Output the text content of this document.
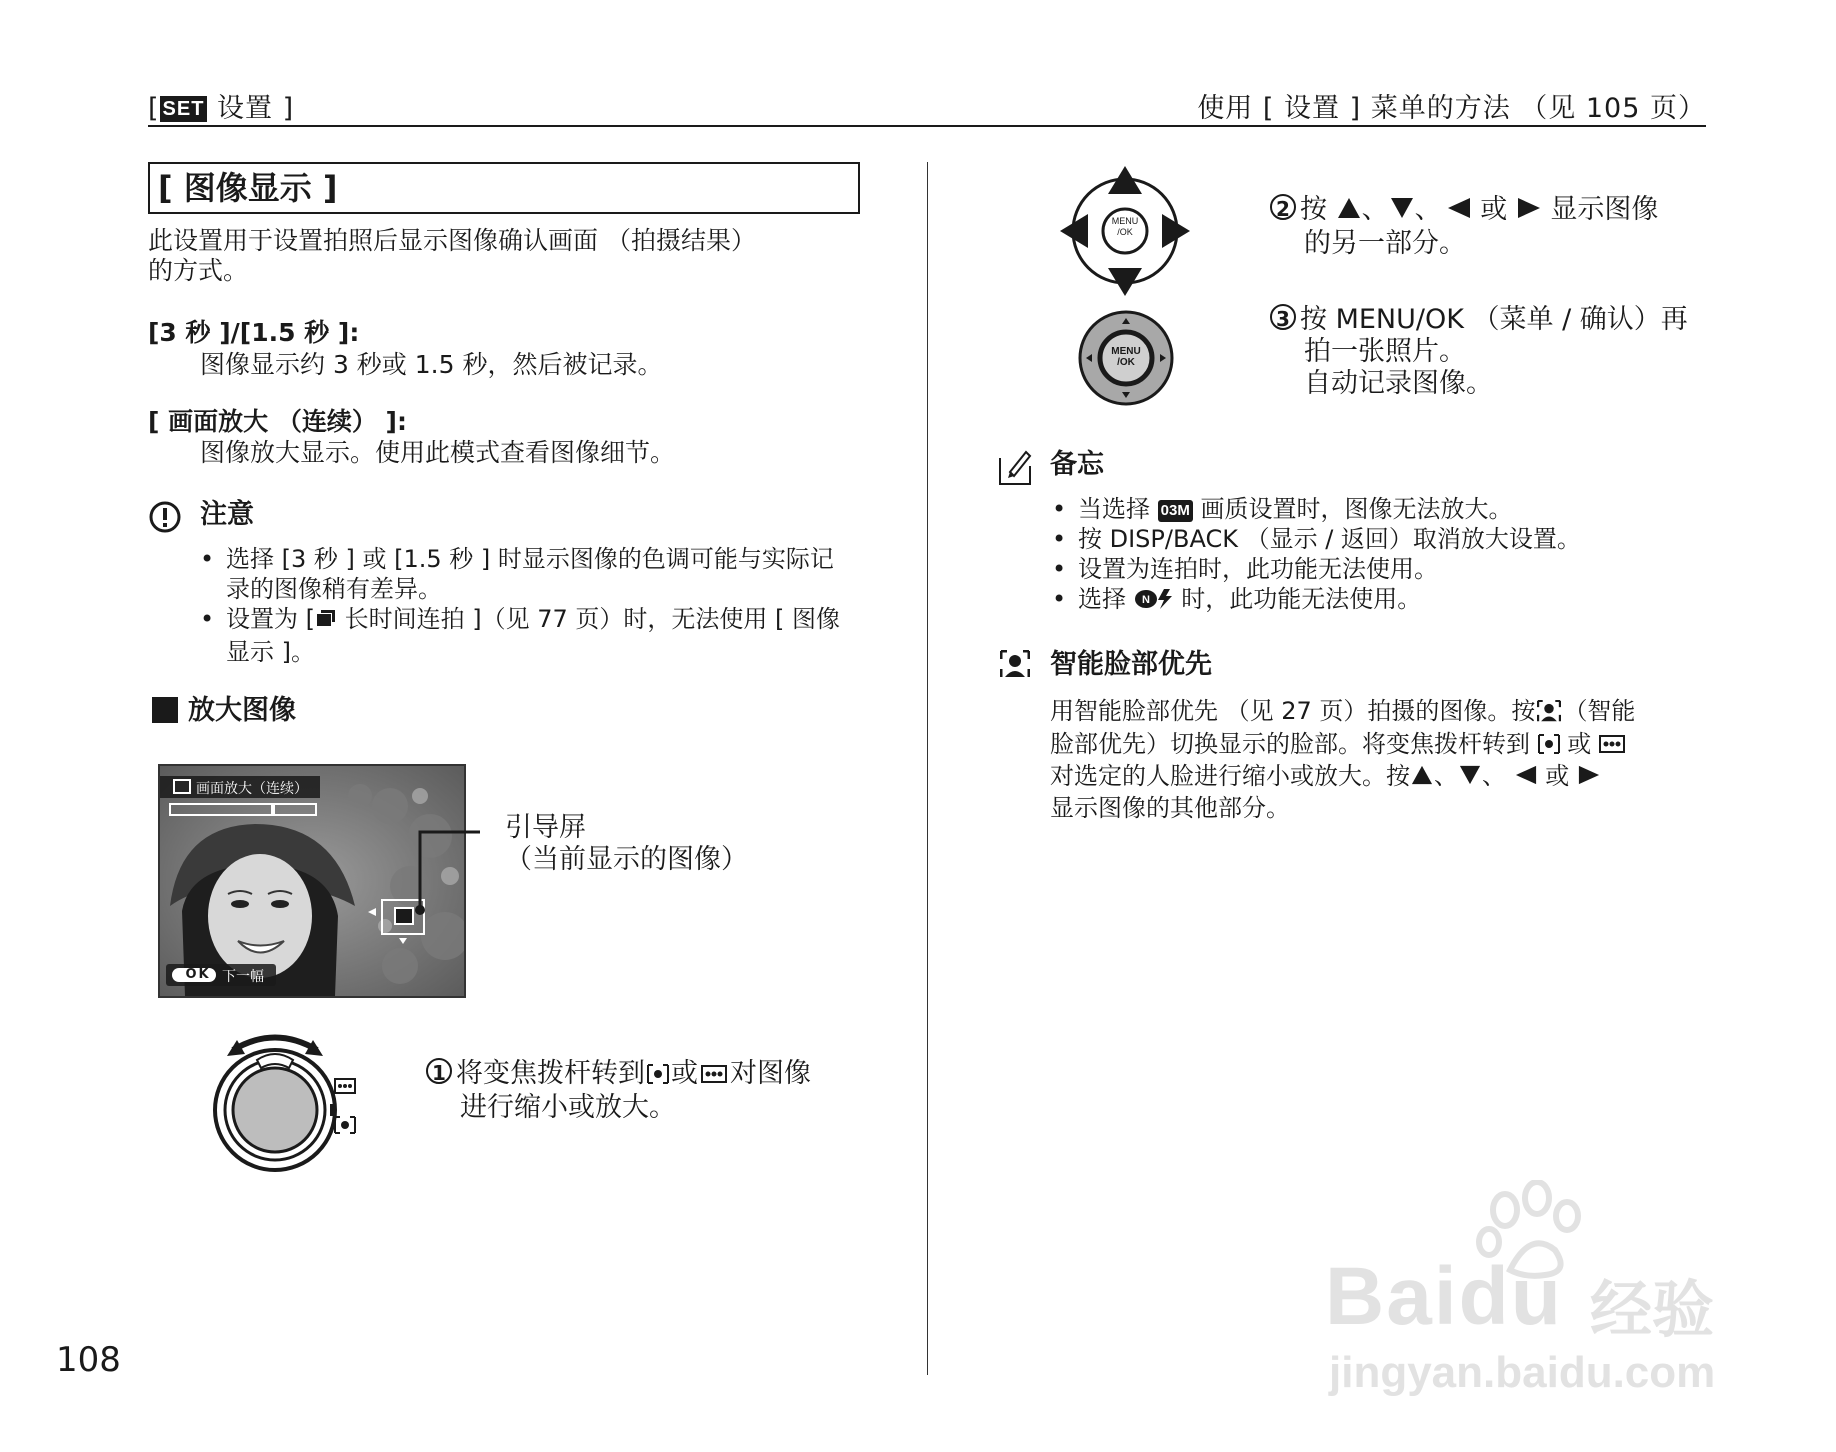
[ SET 设置 ]	使用 [ 设置 ] 菜单的方法 （见 105 页）
[ 图像显示 ]
此设置用于设置拍照后显示图像确认画面 （拍摄结果）
的方式。
[3 秒 ]/[1.5 秒 ]:
图像显示约 3 秒或 1.5 秒，然后被记录。
[ 画面放大 （连续） ]:
图像放大显示。使用此模式查看图像细节。
注意
• 选择 [3 秒 ] 或 [1.5 秒 ] 时显示图像的色调可能与实际记
录的图像稍有差异。
• 设置为 [ 长时间连拍 ]（见 77 页）时，无法使用 [ 图像
显示 ]。
放大图像
画面放大（连续）
OK 下一幅
引导屏
（当前显示的图像）
1 将变焦拨杆转到 或 对图像
进行缩小或放大。
MENU
/OK
MENU
/OK
2 按 、 、 或 显示图像
的另一部分。
3 按 MENU/OK （菜单 / 确认）再
拍一张照片。
自动记录图像。
备忘
• 当选择 03M 画质设置时，图像无法放大。
• 按 DISP/BACK （显示 / 返回）取消放大设置。
• 设置为连拍时，此功能无法使用。
• 选择 N 时，此功能无法使用。
智能脸部优先
用智能脸部优先 （见 27 页）拍摄的图像。按 （智能
脸部优先）切换显示的脸部。将变焦拨杆转到 或
对选定的人脸进行缩小或放大。按 、 、 或
显示图像的其他部分。
108
Baidu 经验
jingyan.baidu.com
